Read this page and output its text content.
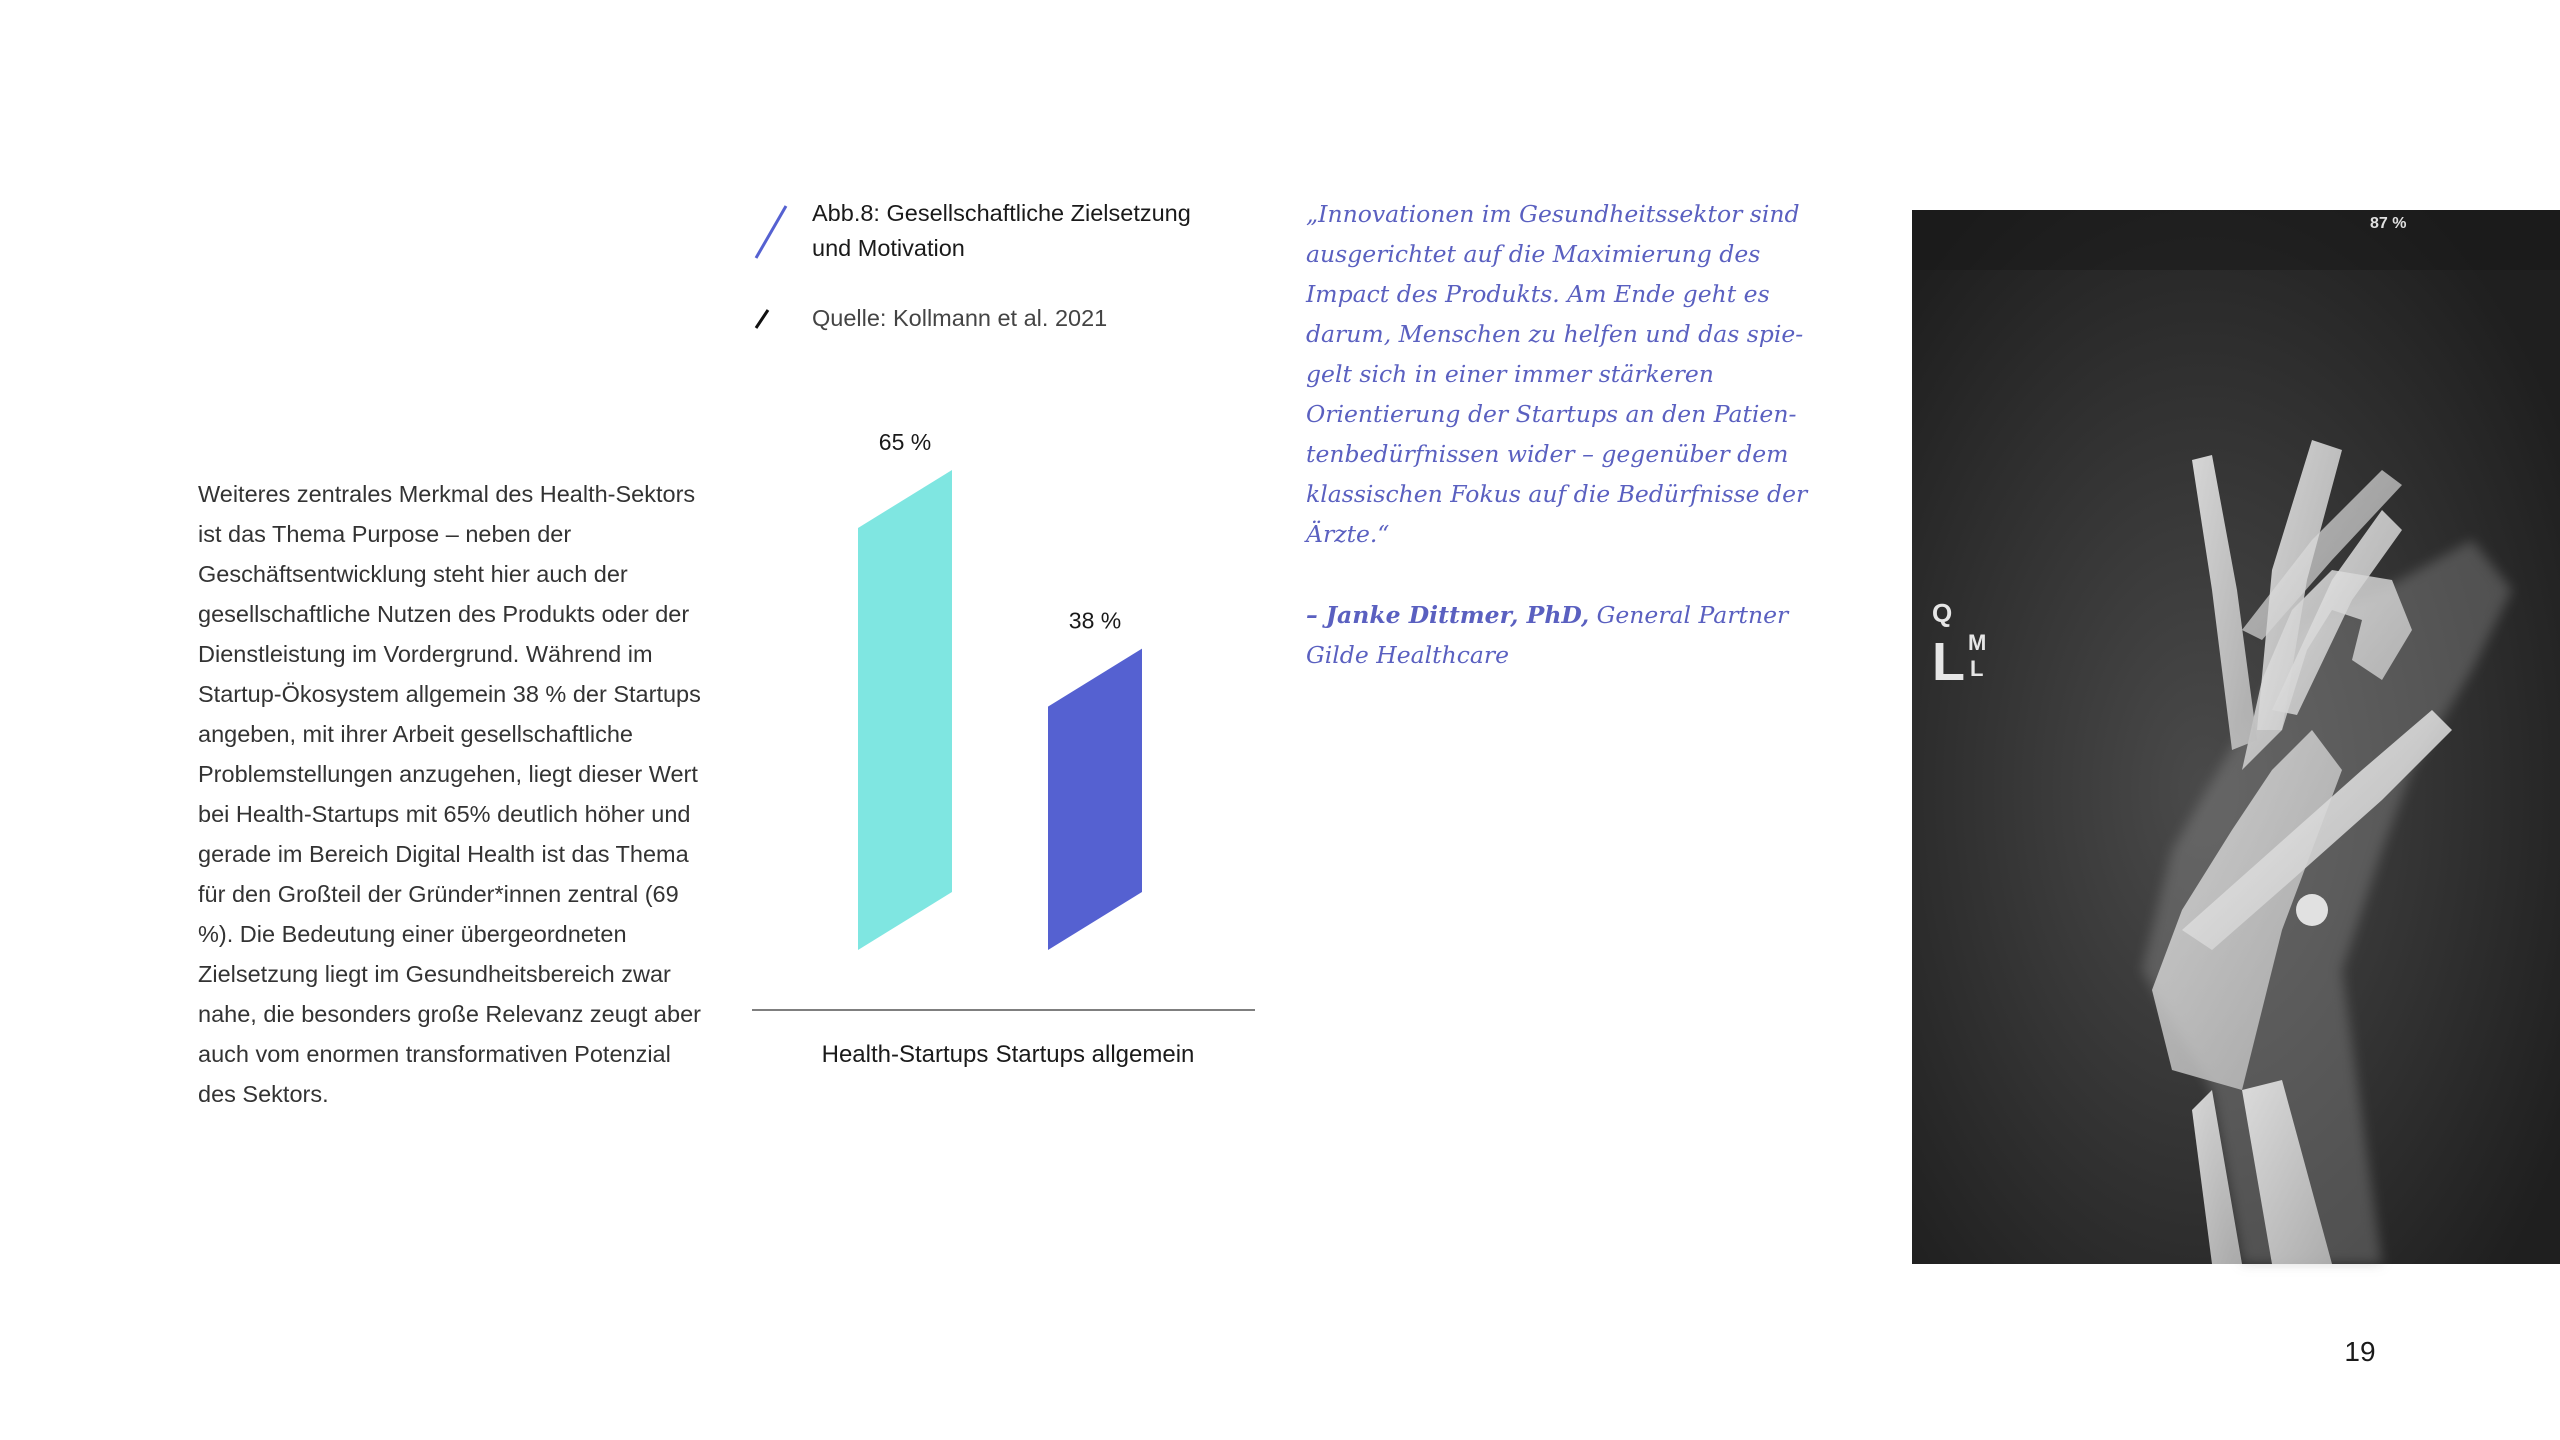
Weiteres zentrales Merkmal des Health-Sektors ist das Thema Purpose – neben der Geschäftsentwicklung steht hier auch der gesellschaftliche Nutzen des Produkts oder der Dienstleistung im Vordergrund. Während im Startup-Ökosystem allgemein 38 % der Startups angeben, mit ihrer Arbeit gesellschaftliche Problemstellungen anzugehen, liegt dieser Wert bei Health-Startups mit 65% deutlich höher und gerade im Bereich Digital Health ist das Thema für den Großteil der Gründer*innen zentral (69 %). Die Bedeutung einer übergeordneten Zielsetzung liegt im Gesundheitsbereich zwar nahe, die besonders große Relevanz zeugt aber auch vom enormen transformativen Potenzial des Sektors.

Abb.8: Gesellschaftliche Zielsetzung
und Motivation
Quelle: Kollmann et al. 2021
65 %
Health-Startups
38 %
Startups allgemein

„Innovationen im Gesundheitssektor sind

ausgerichtet auf die Maximierung des

Impact des Produkts. Am Ende geht es

darum, Menschen zu helfen und das spie-

gelt sich in einer immer stärkeren

Orientierung der Startups an den Patien-

tenbedürfnissen wider – gegenüber dem

klassischen Fokus auf die Bedürfnisse der

Ärzte.“

– Janke Dittmer, PhD, General Partner
Gilde Healthcare
87 %
Q
L M
L
19
